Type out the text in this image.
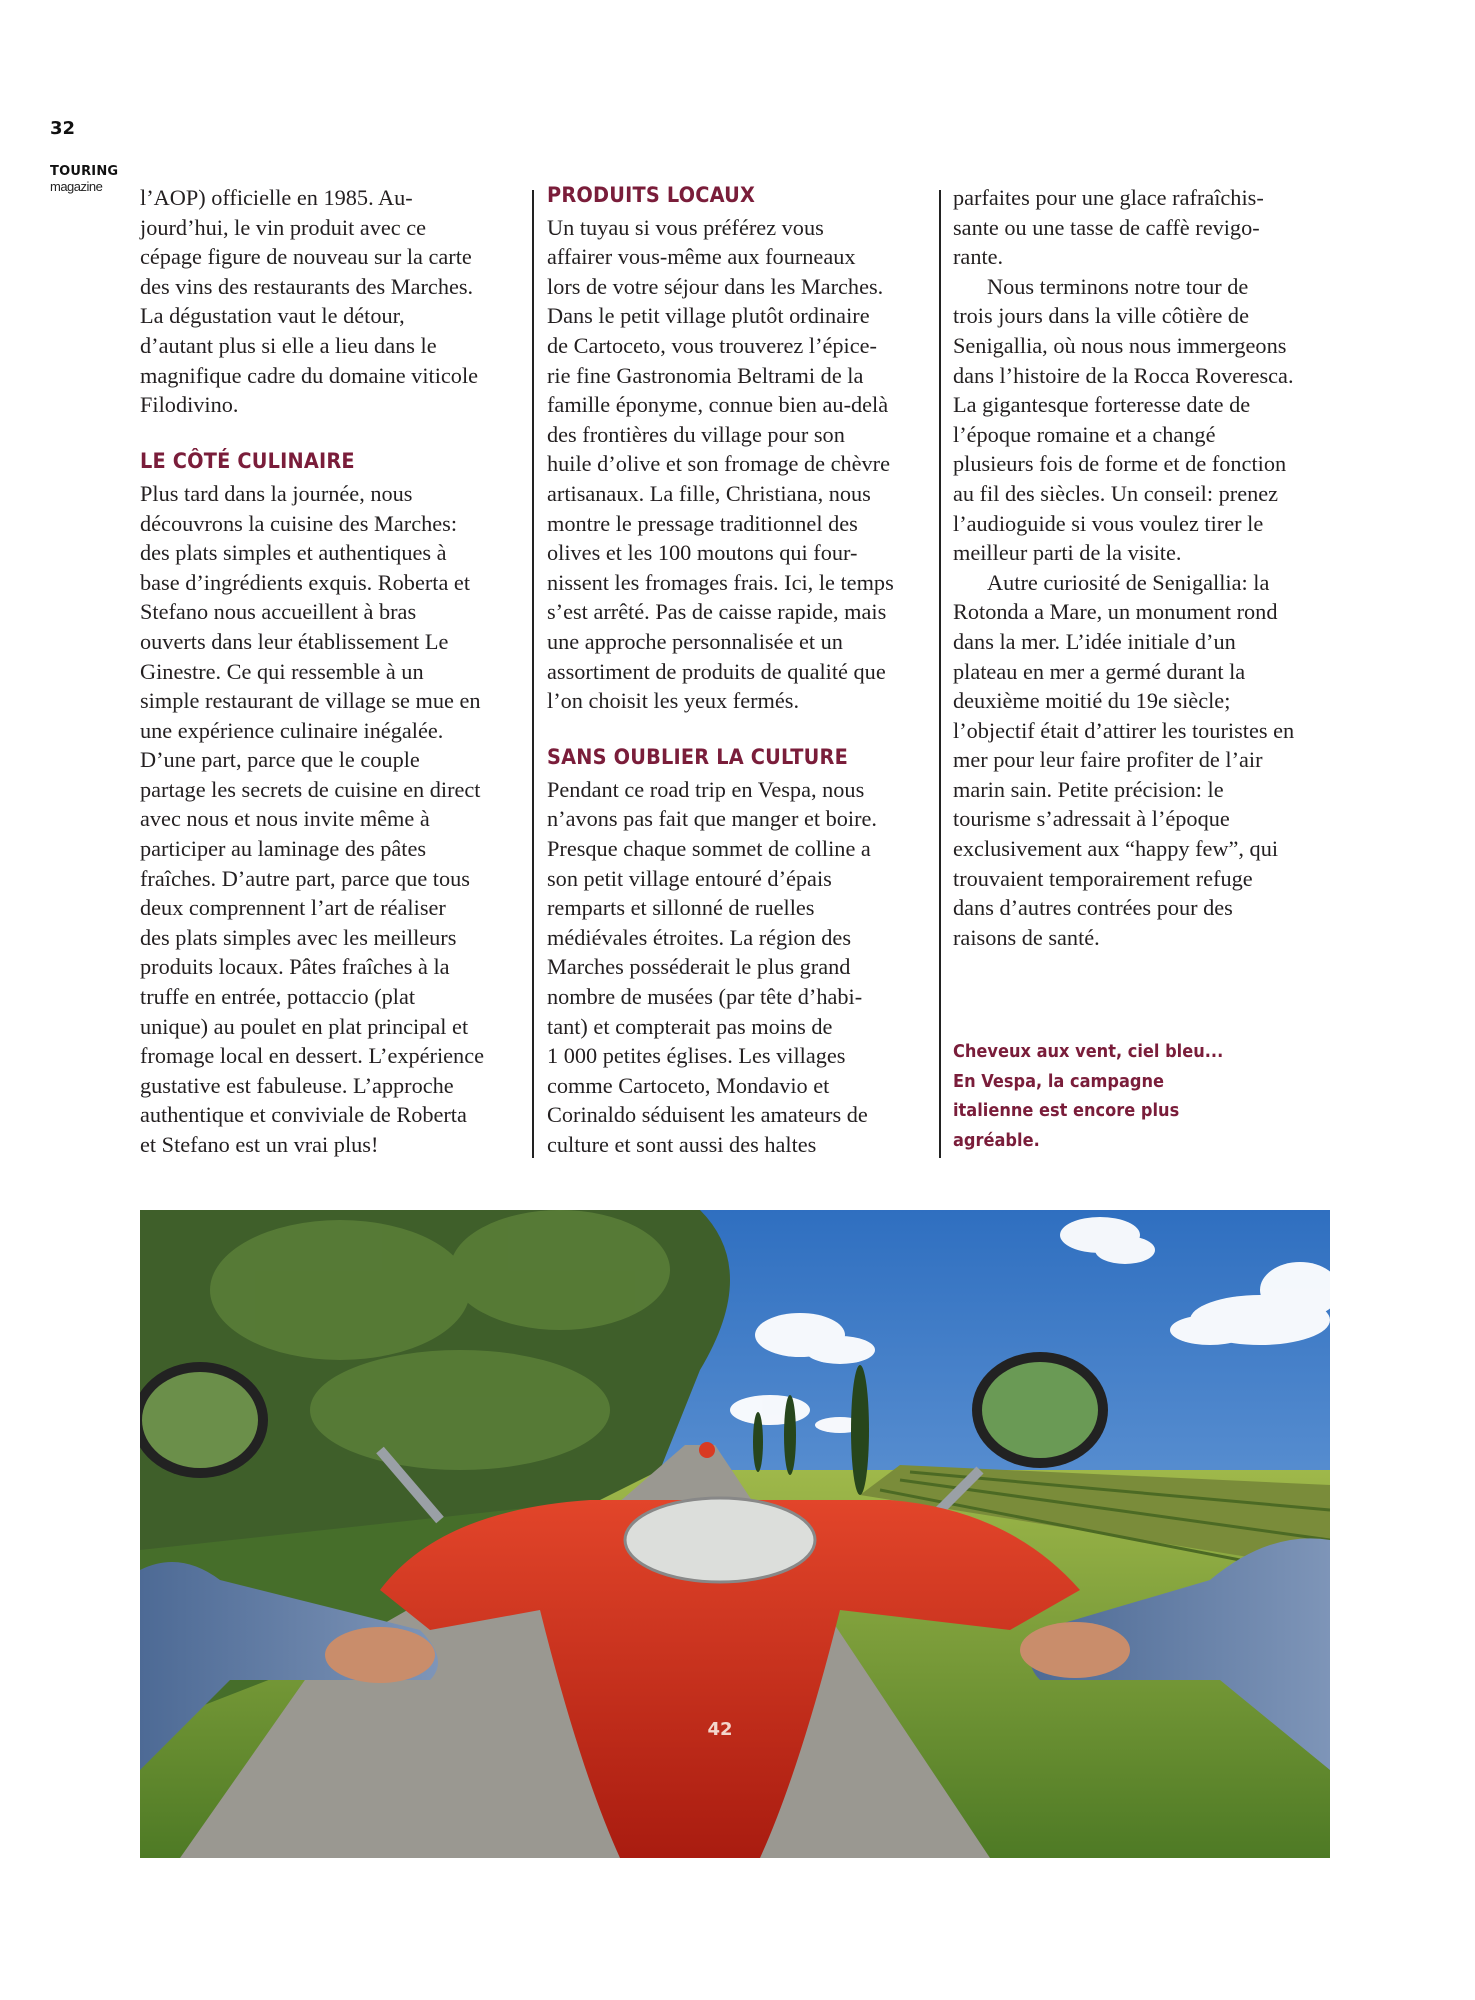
32
TOURING
magazine	l’AOP) officielle en 1985. Au-
jourd’hui, le vin produit avec ce
cépage figure de nouveau sur la carte
des vins des restaurants des Marches.
La dégustation vaut le détour,
d’autant plus si elle a lieu dans le
magnifique cadre du domaine viticole
Filodivino.
LE CÔTÉ CULINAIRE
Plus tard dans la journée, nous
découvrons la cuisine des Marches:
des plats simples et authentiques à
base d’ingrédients exquis. Roberta et
Stefano nous accueillent à bras
ouverts dans leur établissement Le
Ginestre. Ce qui ressemble à un
simple restaurant de village se mue en
une expérience culinaire inégalée.
D’une part, parce que le couple
partage les secrets de cuisine en direct
avec nous et nous invite même à
participer au laminage des pâtes
fraîches. D’autre part, parce que tous
deux comprennent l’art de réaliser
des plats simples avec les meilleurs
produits locaux. Pâtes fraîches à la
truffe en entrée, pottaccio (plat
unique) au poulet en plat principal et
fromage local en dessert. L’expérience
gustative est fabuleuse. L’approche
authentique et conviviale de Roberta
et Stefano est un vrai plus!
PRODUITS LOCAUX
Un tuyau si vous préférez vous
affairer vous-même aux fourneaux
lors de votre séjour dans les Marches.
Dans le petit village plutôt ordinaire
de Cartoceto, vous trouverez l’épice-
rie fine Gastronomia Beltrami de la
famille éponyme, connue bien au-delà
des frontières du village pour son
huile d’olive et son fromage de chèvre
artisanaux. La fille, Christiana, nous
montre le pressage traditionnel des
olives et les 100 moutons qui four-
nissent les fromages frais. Ici, le temps
s’est arrêté. Pas de caisse rapide, mais
une approche personnalisée et un
assortiment de produits de qualité que
l’on choisit les yeux fermés.
SANS OUBLIER LA CULTURE
Pendant ce road trip en Vespa, nous
n’avons pas fait que manger et boire.
Presque chaque sommet de colline a
son petit village entouré d’épais
remparts et sillonné de ruelles
médiévales étroites. La région des
Marches posséderait le plus grand
nombre de musées (par tête d’habi-
tant) et compterait pas moins de
1 000 petites églises. Les villages
comme Cartoceto, Mondavio et
Corinaldo séduisent les amateurs de
culture et sont aussi des haltes
parfaites pour une glace rafraîchis-
sante ou une tasse de caffè revigo-
rante.
Nous terminons notre tour de
trois jours dans la ville côtière de
Senigallia, où nous nous immergeons
dans l’histoire de la Rocca Roveresca.
La gigantesque forteresse date de
l’époque romaine et a changé
plusieurs fois de forme et de fonction
au fil des siècles. Un conseil: prenez
l’audioguide si vous voulez tirer le
meilleur parti de la visite.
Autre curiosité de Senigallia: la
Rotonda a Mare, un monument rond
dans la mer. L’idée initiale d’un
plateau en mer a germé durant la
deuxième moitié du 19e siècle;
l’objectif était d’attirer les touristes en
mer pour leur faire profiter de l’air
marin sain. Petite précision: le
tourisme s’adressait à l’époque
exclusivement aux “happy few”, qui
trouvaient temporairement refuge
dans d’autres contrées pour des
raisons de santé.
Cheveux aux vent, ciel bleu...
En Vespa, la campagne
italienne est encore plus
agréable.
42
